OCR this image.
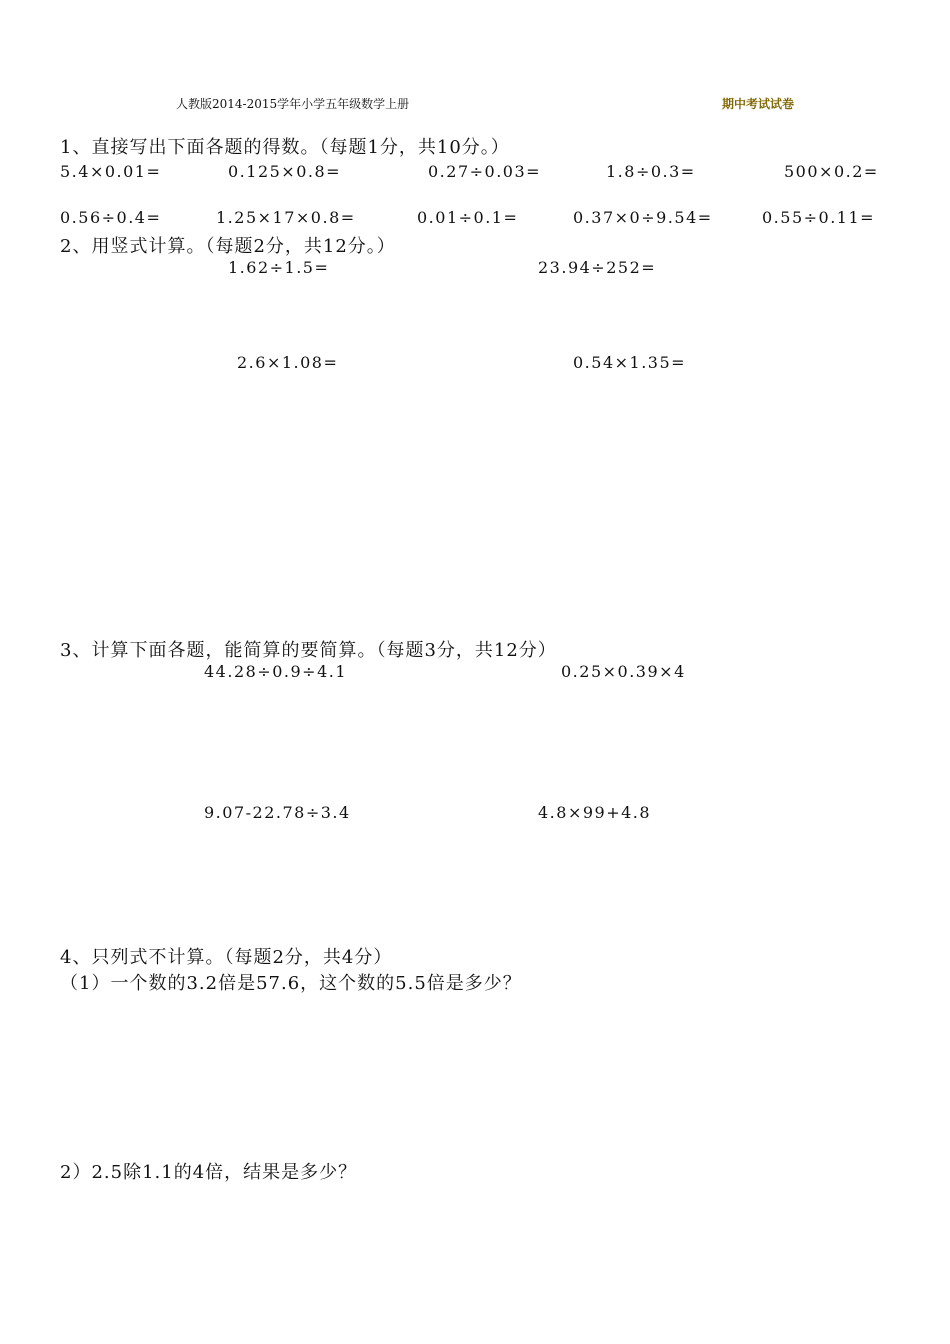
人教版2014-2015学年小学五年级数学上册	期中考试试卷
1、直接写出下面各题的得数。（每题1分，共10分。）
5.4×0.01=	0.125×0.8=	0.27÷0.03=	1.8÷0.3=	500×0.2=
0.56÷0.4=	1.25×17×0.8=	0.01÷0.1=	0.37×0÷9.54=	0.55÷0.11=
2、用竖式计算。（每题2分，共12分。）
1.62÷1.5=	23.94÷252=
2.6×1.08=	0.54×1.35=
3、计算下面各题，能简算的要简算。（每题3分，共12分）
44.28÷0.9÷4.1	0.25×0.39×4
9.07-22.78÷3.4	4.8×99+4.8
4、只列式不计算。（每题2分，共4分）
（1）一个数的3.2倍是57.6，这个数的5.5倍是多少？
2）2.5除1.1的4倍，结果是多少？
